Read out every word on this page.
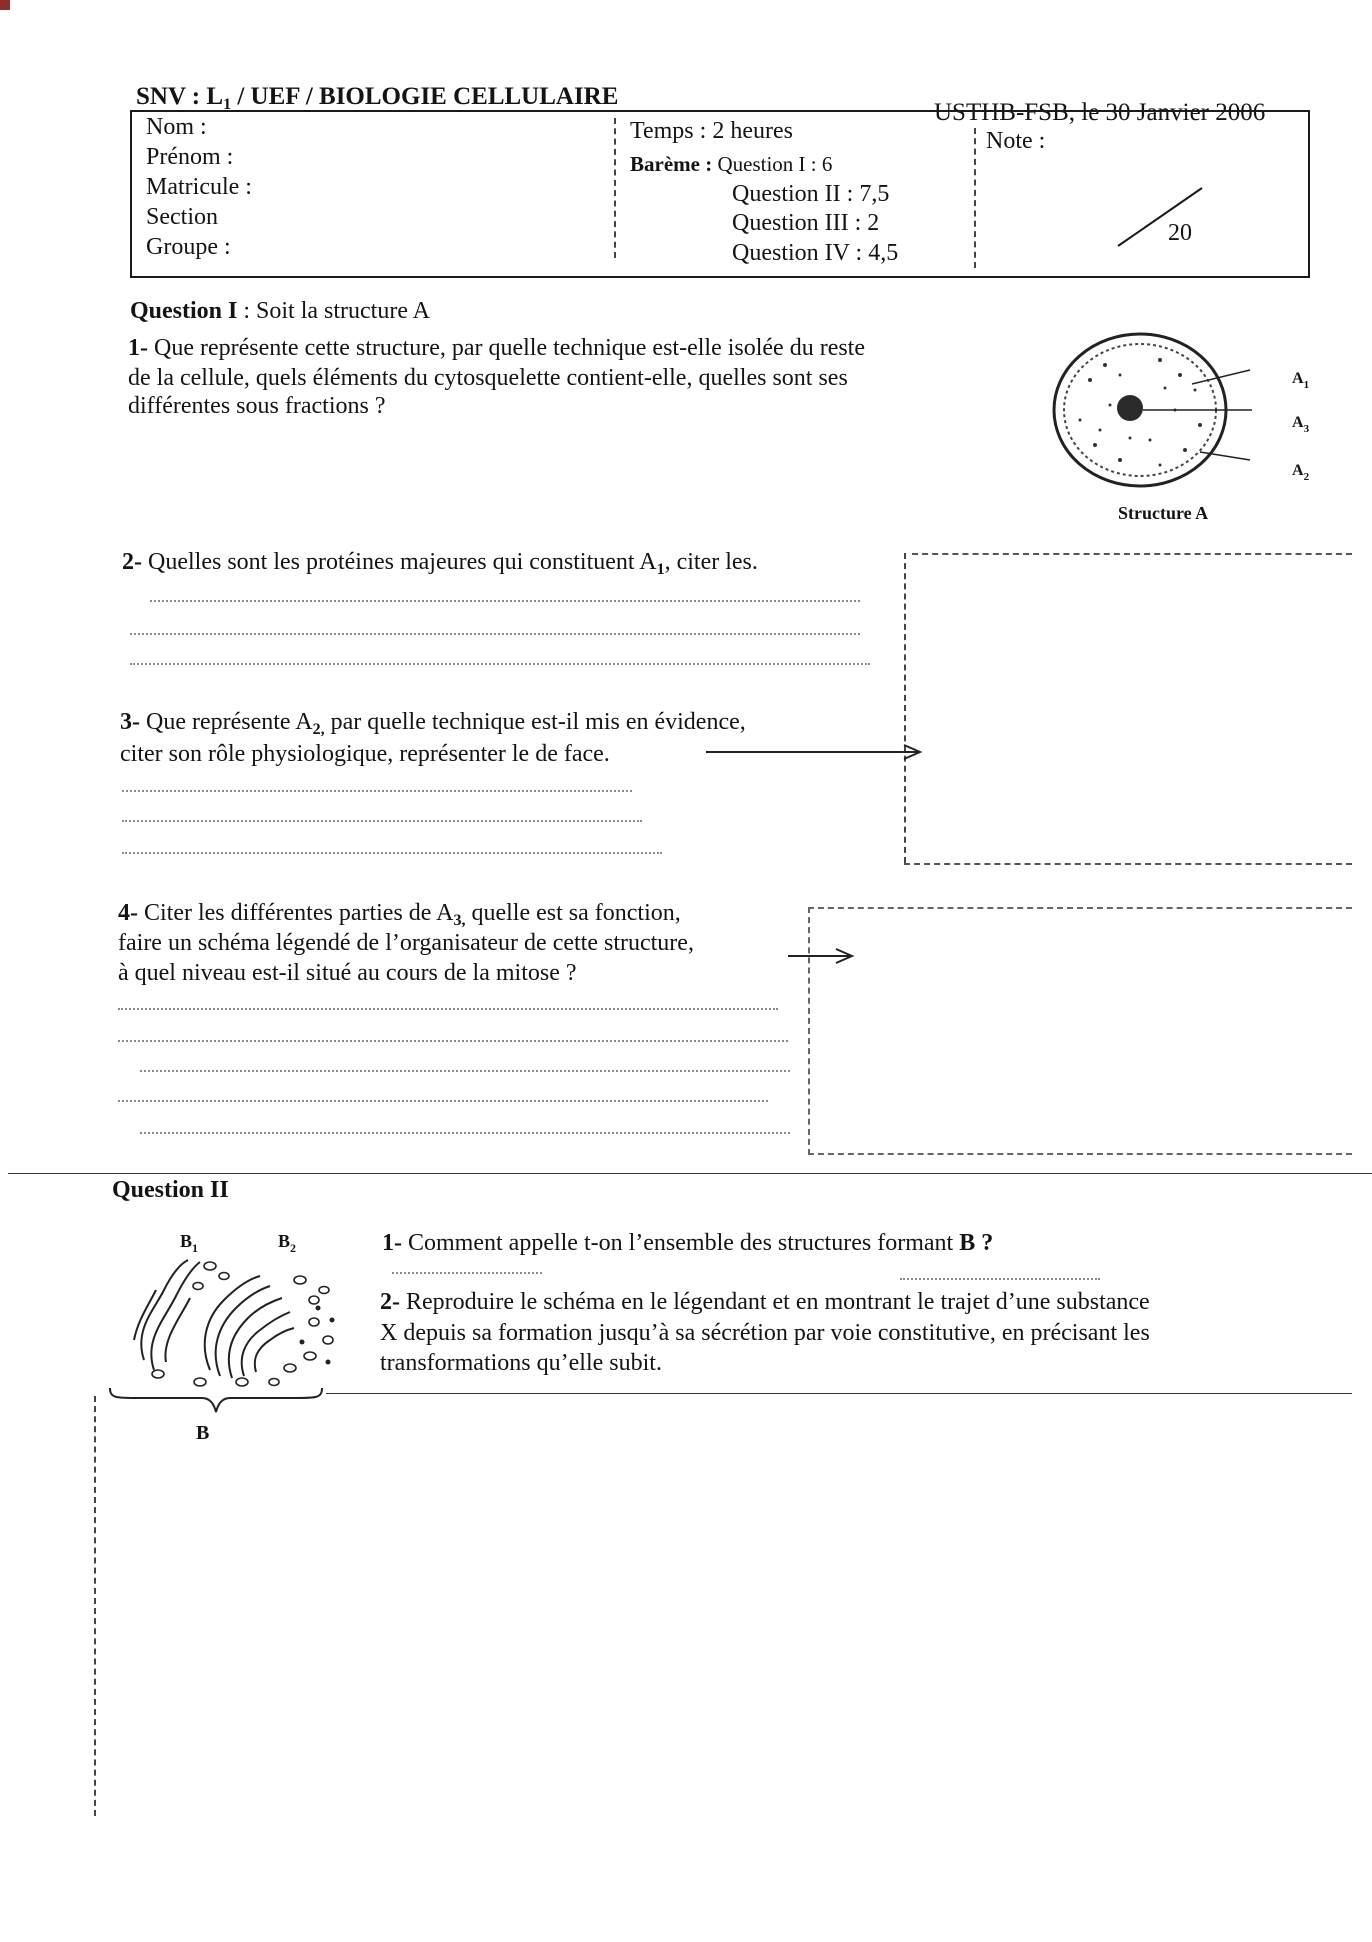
SNV : $L_1$ / UEF / BIOLOGIE CELLULAIRE
USTHB-FSB, le 30 Janvier 2006
Nom :
Prénom :
Matricule :
Section
Groupe :
Temps : 2 heures
Barème : Question I : 6
Question II : 7,5
Question III : 2
Question IV : 4,5
Note :
20
Question I : Soit la structure A
1- Que représente cette structure, par quelle technique est-elle isolée du reste
de la cellule, quels éléments du cytosquelette contient-elle, quelles sont ses
différentes sous fractions ?
$A_1$
$A_3$
$A_2$
Structure A
2- Quelles sont les protéines majeures qui constituent $A_1$, citer les.
3- Que représente $A_{2,}$ par quelle technique est-il mis en évidence,
citer son rôle physiologique, représenter le de face.
4- Citer les différentes parties de $A_{3,}$ quelle est sa fonction,
faire un schéma légendé de l’organisateur de cette structure,
à quel niveau est-il situé au cours de la mitose ?
Question II
$B_1$	$B_2$
B
1- Comment appelle t-on l’ensemble des structures formant B ?
2- Reproduire le schéma en le légendant et en montrant le trajet d’une substance
X depuis sa formation jusqu’à sa sécrétion par voie constitutive, en précisant les
transformations qu’elle subit.
